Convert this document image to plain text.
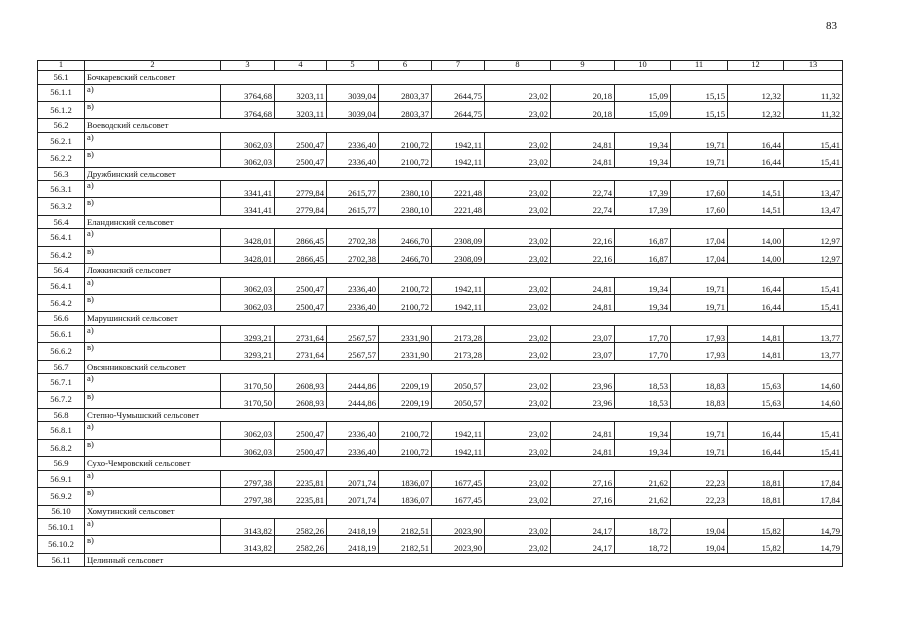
83
1	2	3	4	5	6	7	8	9	10	11	12	13
56.1	Бочкаревский сельсовет											
56.1.1	а)	3764,68	3203,11	3039,04	2803,37	2644,75	23,02	20,18	15,09	15,15	12,32	11,32
56.1.2	в)	3764,68	3203,11	3039,04	2803,37	2644,75	23,02	20,18	15,09	15,15	12,32	11,32
56.2	Воеводский сельсовет											
56.2.1	а)	3062,03	2500,47	2336,40	2100,72	1942,11	23,02	24,81	19,34	19,71	16,44	15,41
56.2.2	в)	3062,03	2500,47	2336,40	2100,72	1942,11	23,02	24,81	19,34	19,71	16,44	15,41
56.3	Дружбинский сельсовет											
56.3.1	а)	3341,41	2779,84	2615,77	2380,10	2221,48	23,02	22,74	17,39	17,60	14,51	13,47
56.3.2	в)	3341,41	2779,84	2615,77	2380,10	2221,48	23,02	22,74	17,39	17,60	14,51	13,47
56.4	Еландинский сельсовет											
56.4.1	а)	3428,01	2866,45	2702,38	2466,70	2308,09	23,02	22,16	16,87	17,04	14,00	12,97
56.4.2	в)	3428,01	2866,45	2702,38	2466,70	2308,09	23,02	22,16	16,87	17,04	14,00	12,97
56.4	Ложкинский сельсовет											
56.4.1	а)	3062,03	2500,47	2336,40	2100,72	1942,11	23,02	24,81	19,34	19,71	16,44	15,41
56.4.2	в)	3062,03	2500,47	2336,40	2100,72	1942,11	23,02	24,81	19,34	19,71	16,44	15,41
56.6	Марушинский сельсовет											
56.6.1	а)	3293,21	2731,64	2567,57	2331,90	2173,28	23,02	23,07	17,70	17,93	14,81	13,77
56.6.2	в)	3293,21	2731,64	2567,57	2331,90	2173,28	23,02	23,07	17,70	17,93	14,81	13,77
56.7	Овсянниковский сельсовет											
56.7.1	а)	3170,50	2608,93	2444,86	2209,19	2050,57	23,02	23,96	18,53	18,83	15,63	14,60
56.7.2	в)	3170,50	2608,93	2444,86	2209,19	2050,57	23,02	23,96	18,53	18,83	15,63	14,60
56.8	Степно-Чумышский сельсовет											
56.8.1	а)	3062,03	2500,47	2336,40	2100,72	1942,11	23,02	24,81	19,34	19,71	16,44	15,41
56.8.2	в)	3062,03	2500,47	2336,40	2100,72	1942,11	23,02	24,81	19,34	19,71	16,44	15,41
56.9	Сухо-Чемровский сельсовет											
56.9.1	а)	2797,38	2235,81	2071,74	1836,07	1677,45	23,02	27,16	21,62	22,23	18,81	17,84
56.9.2	в)	2797,38	2235,81	2071,74	1836,07	1677,45	23,02	27,16	21,62	22,23	18,81	17,84
56.10	Хомутинский сельсовет											
56.10.1	а)	3143,82	2582,26	2418,19	2182,51	2023,90	23,02	24,17	18,72	19,04	15,82	14,79
56.10.2	в)	3143,82	2582,26	2418,19	2182,51	2023,90	23,02	24,17	18,72	19,04	15,82	14,79
56.11	Целинный сельсовет											
